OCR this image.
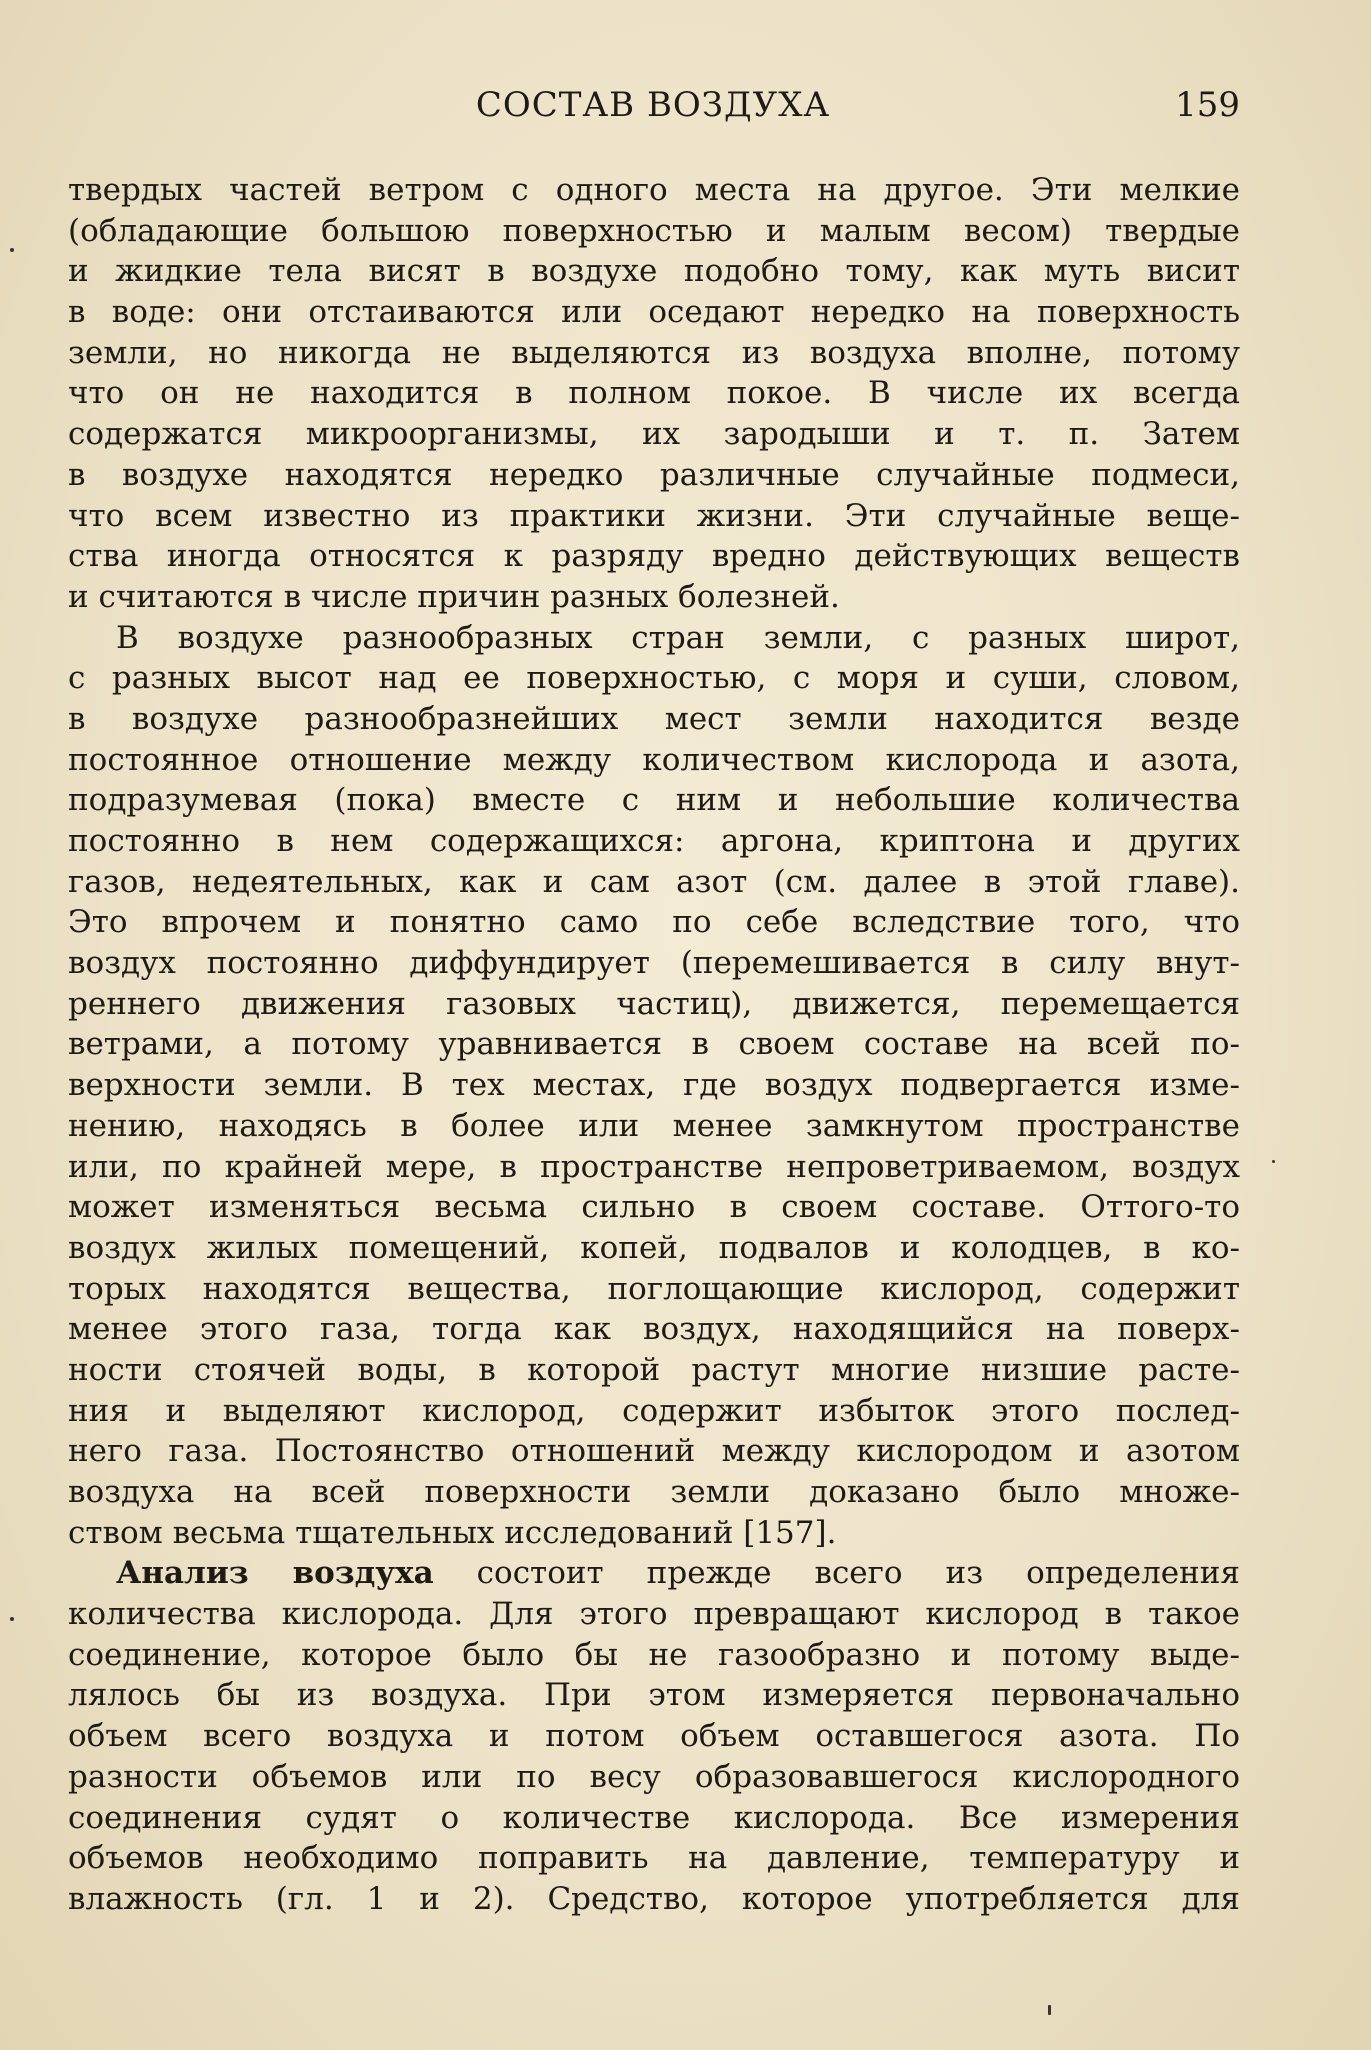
СОСТАВ ВОЗДУХА	159
твердых частей ветром с одного места на другое. Эти мелкие
(обладающие большою поверхностью и малым весом) твердые
и жидкие тела висят в воздухе подобно тому, как муть висит
в воде: они отстаиваются или оседают нередко на поверхность
земли, но никогда не выделяются из воздуха вполне, потому
что он не находится в полном покое. В числе их всегда
содержатся микроорганизмы, их зародыши и т. п. Затем
в воздухе находятся нередко различные случайные подмеси,
что всем известно из практики жизни. Эти случайные веще-
ства иногда относятся к разряду вредно действующих веществ
и считаются в числе причин разных болезней.
В воздухе разнообразных стран земли, с разных широт,
с разных высот над ее поверхностью, с моря и суши, словом,
в воздухе разнообразнейших мест земли находится везде
постоянное отношение между количеством кислорода и азота,
подразумевая (пока) вместе с ним и небольшие количества
постоянно в нем содержащихся: аргона, криптона и других
газов, недеятельных, как и сам азот (см. далее в этой главе).
Это впрочем и понятно само по себе вследствие того, что
воздух постоянно диффундирует (перемешивается в силу внут-
реннего движения газовых частиц), движется, перемещается
ветрами, а потому уравнивается в своем составе на всей по-
верхности земли. В тех местах, где воздух подвергается изме-
нению, находясь в более или менее замкнутом пространстве
или, по крайней мере, в пространстве непроветриваемом, воздух
может изменяться весьма сильно в своем составе. Оттого-то
воздух жилых помещений, копей, подвалов и колодцев, в ко-
торых находятся вещества, поглощающие кислород, содержит
менее этого газа, тогда как воздух, находящийся на поверх-
ности стоячей воды, в которой растут многие низшие расте-
ния и выделяют кислород, содержит избыток этого послед-
него газа. Постоянство отношений между кислородом и азотом
воздуха на всей поверхности земли доказано было множе-
ством весьма тщательных исследований [157].
Анализ воздуха состоит прежде всего из определения
количества кислорода. Для этого превращают кислород в такое
соединение, которое было бы не газообразно и потому выде-
лялось бы из воздуха. При этом измеряется первоначально
объем всего воздуха и потом объем оставшегося азота. По
разности объемов или по весу образовавшегося кислородного
соединения судят о количестве кислорода. Все измерения
объемов необходимо поправить на давление, температуру и
влажность (гл. 1 и 2). Средство, которое употребляется для
